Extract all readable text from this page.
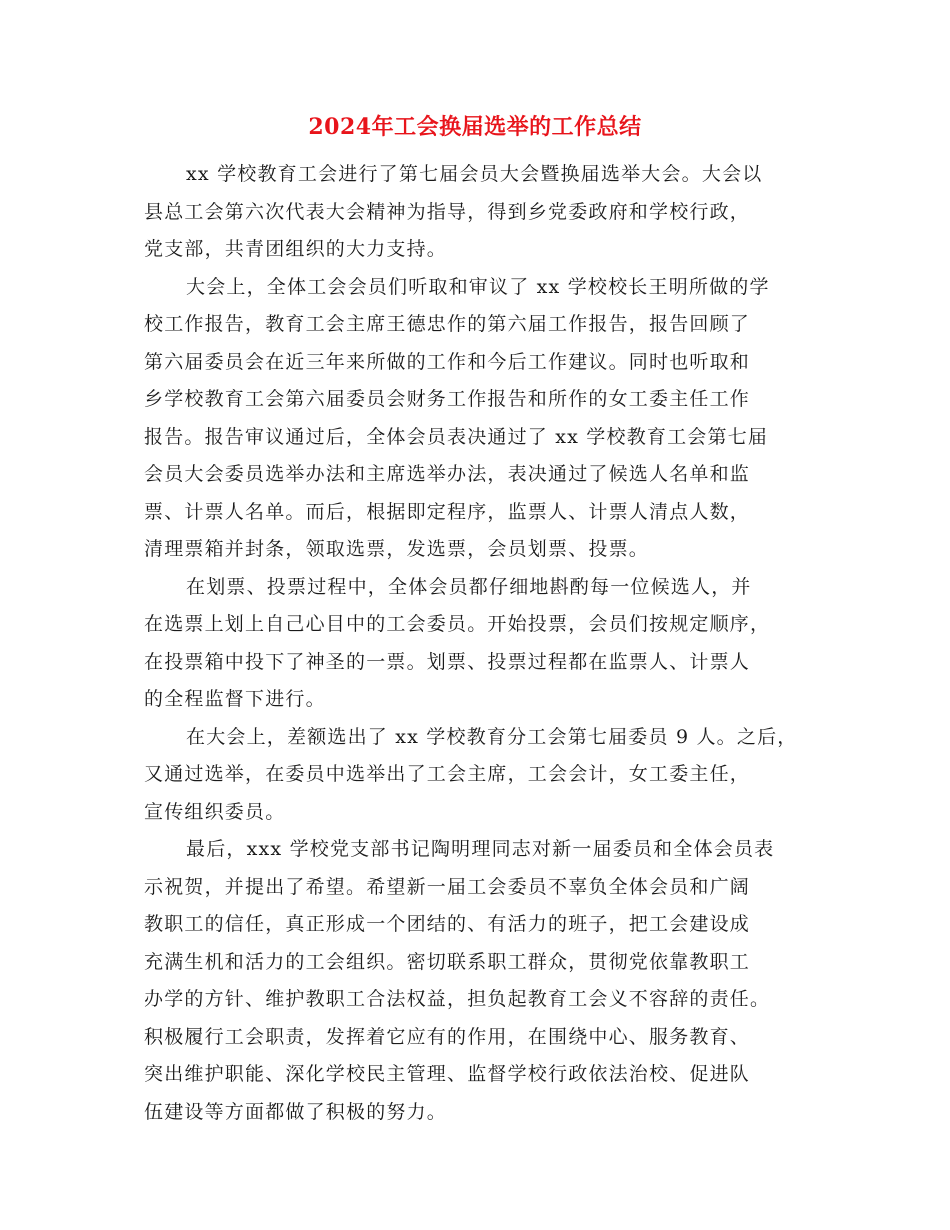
2024年工会换届选举的工作总结

xx 学校教育工会进行了第七届会员大会暨换届选举大会。大会以

县总工会第六次代表大会精神为指导，得到乡党委政府和学校行政，

党支部，共青团组织的大力支持。

大会上，全体工会会员们听取和审议了 xx 学校校长王明所做的学

校工作报告，教育工会主席王德忠作的第六届工作报告，报告回顾了

第六届委员会在近三年来所做的工作和今后工作建议。同时也听取和

乡学校教育工会第六届委员会财务工作报告和所作的女工委主任工作

报告。报告审议通过后，全体会员表决通过了 xx 学校教育工会第七届

会员大会委员选举办法和主席选举办法，表决通过了候选人名单和监

票、计票人名单。而后，根据即定程序，监票人、计票人清点人数，

清理票箱并封条，领取选票，发选票，会员划票、投票。

在划票、投票过程中，全体会员都仔细地斟酌每一位候选人，并

在选票上划上自己心目中的工会委员。开始投票，会员们按规定顺序，

在投票箱中投下了神圣的一票。划票、投票过程都在监票人、计票人

的全程监督下进行。

在大会上，差额选出了 xx 学校教育分工会第七届委员 9 人。之后，

又通过选举，在委员中选举出了工会主席，工会会计，女工委主任，

宣传组织委员。

最后，xxx 学校党支部书记陶明理同志对新一届委员和全体会员表

示祝贺，并提出了希望。希望新一届工会委员不辜负全体会员和广阔

教职工的信任，真正形成一个团结的、有活力的班子，把工会建设成

充满生机和活力的工会组织。密切联系职工群众，贯彻党依靠教职工

办学的方针、维护教职工合法权益，担负起教育工会义不容辞的责任。

积极履行工会职责，发挥着它应有的作用，在围绕中心、服务教育、

突出维护职能、深化学校民主管理、监督学校行政依法治校、促进队

伍建设等方面都做了积极的努力。
